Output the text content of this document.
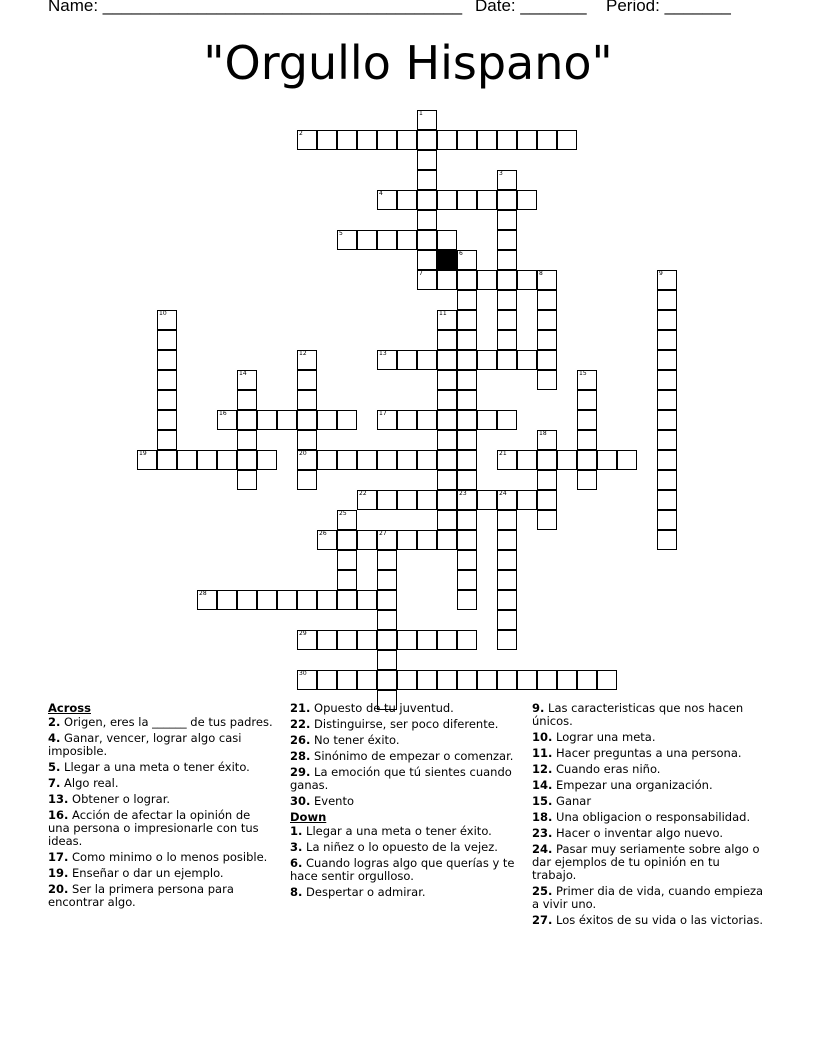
Name: ______________________________________ Date: _______ Period: _______
"Orgullo Hispano"
2
4
5
7	8
13
16	17
19	20	21
22	23	24
26	27
28
29
30
1
3
6
9
10	11
12
14	15
18
25
Across
2. Origen, eres la ______ de tus padres.
4. Ganar, vencer, lograr algo casi imposible.
5. Llegar a una meta o tener éxito.
7. Algo real.
13. Obtener o lograr.
16. Acción de afectar la opinión de una persona o impresionarle con tus ideas.
17. Como minimo o lo menos posible.
19. Enseñar o dar un ejemplo.
20. Ser la primera persona para encontrar algo.
21. Opuesto de tu juventud.
22. Distinguirse, ser poco diferente.
26. No tener éxito.
28. Sinónimo de empezar o comenzar.
29. La emoción que tú sientes cuando ganas.
30. Evento
Down
1. Llegar a una meta o tener éxito.
3. La niñez o lo opuesto de la vejez.
6. Cuando logras algo que querías y te hace sentir orgulloso.
8. Despertar o admirar.
9. Las caracteristicas que nos hacen únicos.
10. Lograr una meta.
11. Hacer preguntas a una persona.
12. Cuando eras niño.
14. Empezar una organización.
15. Ganar
18. Una obligacion o responsabilidad.
23. Hacer o inventar algo nuevo.
24. Pasar muy seriamente sobre algo o dar ejemplos de tu opinión en tu trabajo.
25. Primer dia de vida, cuando empieza a vivir uno.
27. Los éxitos de su vida o las victorias.
